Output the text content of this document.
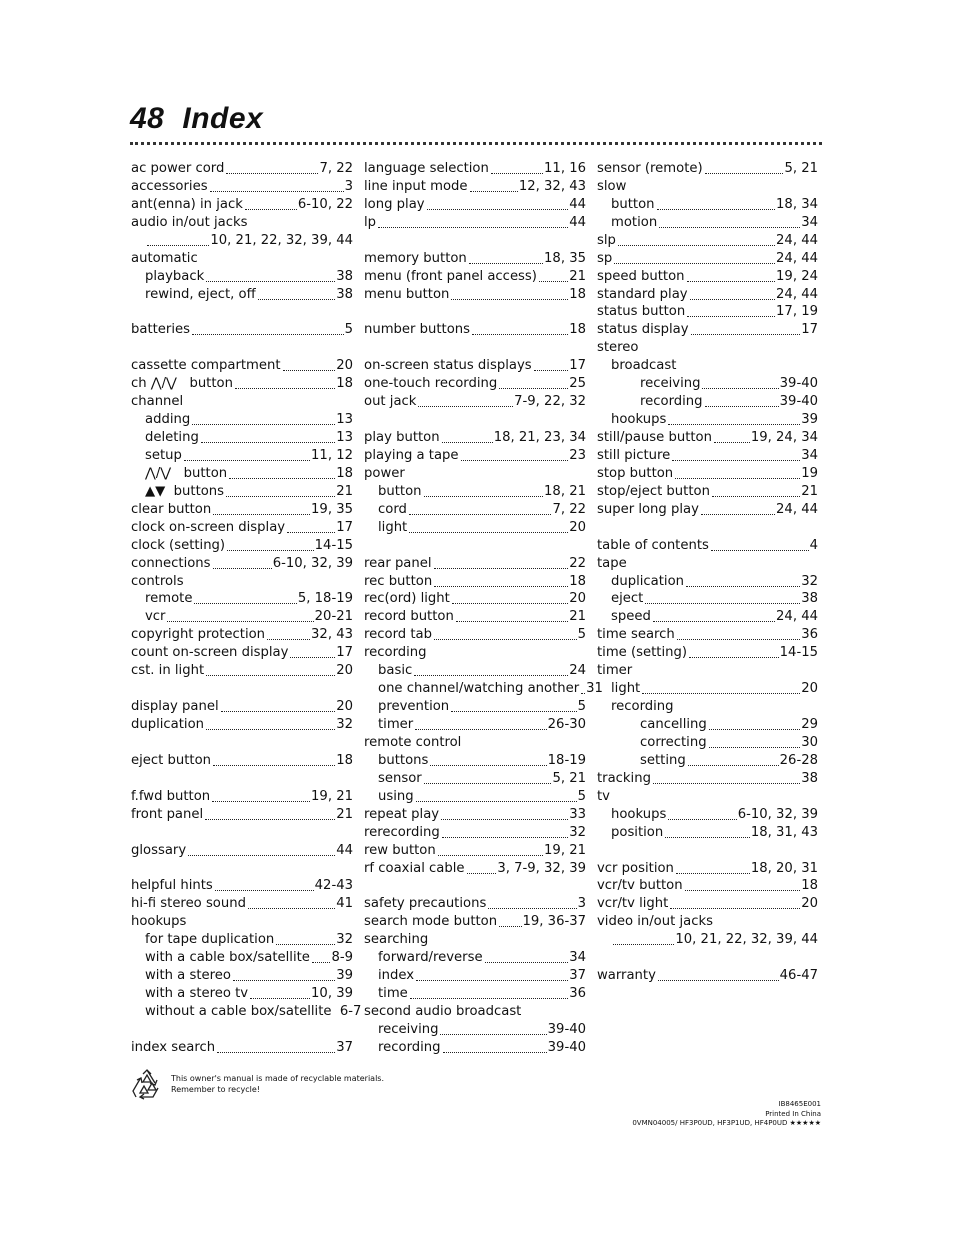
48 Index
ac power cord	7, 22
accessories	3
ant(enna) in jack	6-10, 22
audio in/out jacks
10, 21, 22, 32, 39, 44
automatic
playback	38
rewind, eject, off	38
batteries	5
cassette compartment	20
ch ⋀/⋁   button	18
channel
adding	13
deleting	13
setup	11, 12
⋀/⋁   button	18
▲▼  buttons	21
clear button	19, 35
clock on-screen display	17
clock (setting)	14-15
connections	6-10, 32, 39
controls
remote	5, 18-19
vcr	20-21
copyright protection	32, 43
count on-screen display	17
cst. in light	20
display panel	20
duplication	32
eject button	18
f.fwd button	19, 21
front panel	21
glossary	44
helpful hints	42-43
hi-fi stereo sound	41
hookups
for tape duplication	32
with a cable box/satellite 8-9
with a stereo	39
with a stereo tv	10, 39
without a cable box/satellite
6-7
index search	37
language selection	11, 16
line input mode	12, 32, 43
long play	44
lp	44
memory button	18, 35
menu (front panel access) 21
menu button	18
number buttons	18
on-screen status displays	17
one-touch recording	25
out jack	7-9, 22, 32
play button	18, 21, 23, 34
playing a tape	23
power
button	18, 21
cord	7, 22
light	20
rear panel	22
rec button	18
rec(ord) light	20
record button	21
record tab	5
recording
basic	24
one channel/watching another 31
prevention	5
timer	26-30
remote control
buttons	18-19
sensor	5, 21
using	5
repeat play	33
rerecording	32
rew button	19, 21
rf coaxial cable 3, 7-9, 32, 39
safety precautions	3
search mode button 19, 36-37
searching
forward/reverse	34
index	37
time	36
second audio broadcast
receiving	39-40
recording	39-40
sensor (remote)	5, 21
slow
button	18, 34
motion	34
slp	24, 44
sp	24, 44
speed button	19, 24
standard play	24, 44
status button	17, 19
status display	17
stereo
broadcast
receiving	39-40
recording	39-40
hookups	39
still/pause button	19, 24, 34
still picture	34
stop button	19
stop/eject button	21
super long play	24, 44
table of contents	4
tape
duplication	32
eject	38
speed	24, 44
time search	36
time (setting)	14-15
timer
light	20
recording
cancelling	29
correcting	30
setting	26-28
tracking	38
tv
hookups	6-10, 32, 39
position	18, 31, 43
vcr position	18, 20, 31
vcr/tv button	18
vcr/tv light	20
video in/out jacks
10, 21, 22, 32, 39, 44
warranty	46-47
This owner's manual is made of recyclable materials.
Remember to recycle!
IB8465E001
Printed In China
0VMN04005/ HF3P0UD, HF3P1UD, HF4P0UD ★★★★★
